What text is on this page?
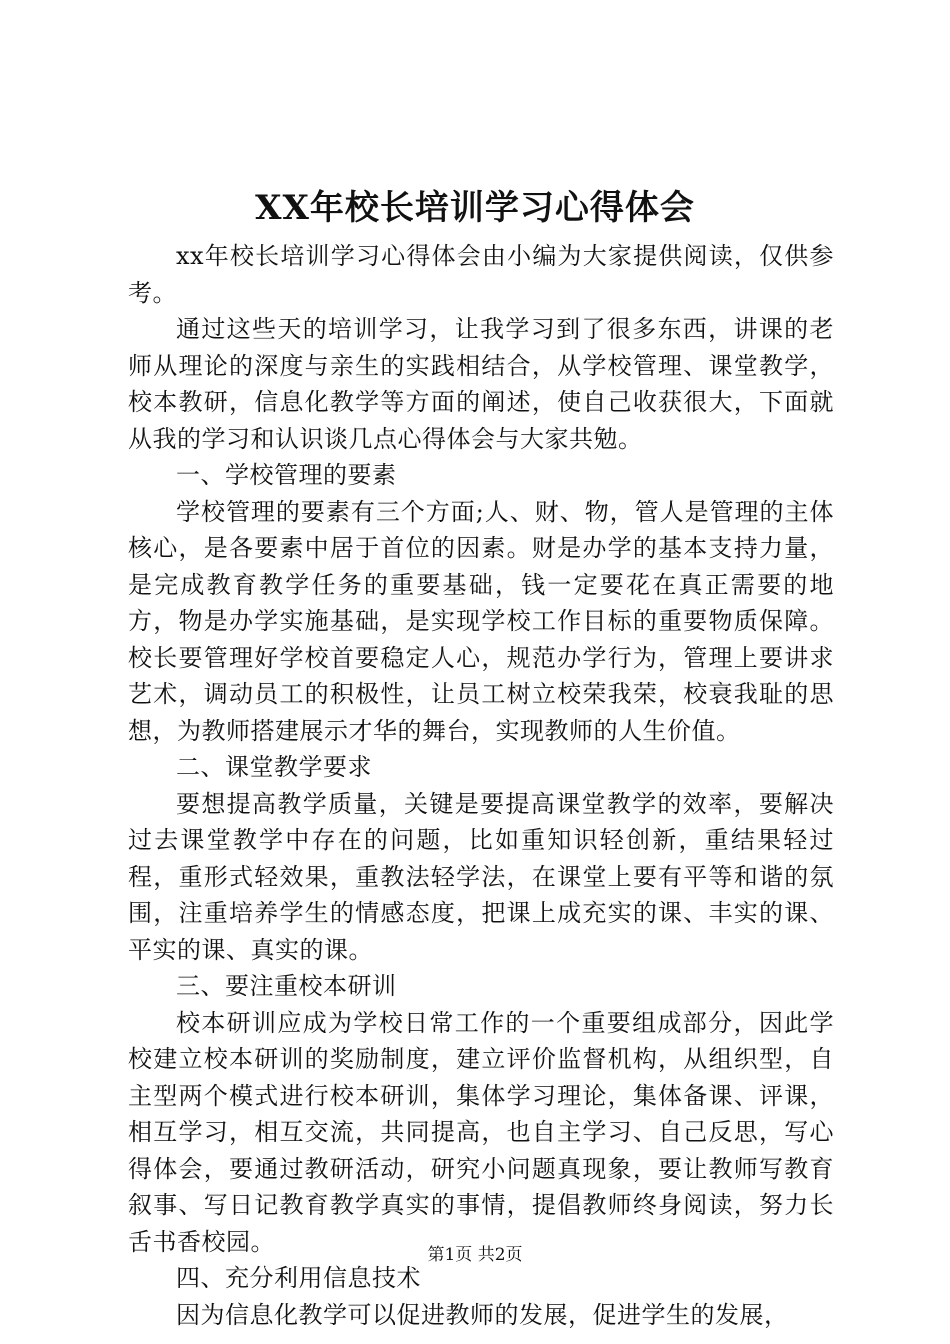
XX年校长培训学习心得体会

xx年校长培训学习心得体会由小编为大家提供阅读，仅供参考。

通过这些天的培训学习，让我学习到了很多东西，讲课的老师从理论的深度与亲生的实践相结合，从学校管理、课堂教学，校本教研，信息化教学等方面的阐述，使自己收获很大，下面就从我的学习和认识谈几点心得体会与大家共勉。

一、学校管理的要素

学校管理的要素有三个方面;人、财、物，管人是管理的主体核心，是各要素中居于首位的因素。财是办学的基本支持力量，是完成教育教学任务的重要基础，钱一定要花在真正需要的地方，物是办学实施基础，是实现学校工作目标的重要物质保障。校长要管理好学校首要稳定人心，规范办学行为，管理上要讲求艺术，调动员工的积极性，让员工树立校荣我荣，校衰我耻的思想，为教师搭建展示才华的舞台，实现教师的人生价值。

二、课堂教学要求

要想提高教学质量，关键是要提高课堂教学的效率，要解决过去课堂教学中存在的问题，比如重知识轻创新，重结果轻过程，重形式轻效果，重教法轻学法，在课堂上要有平等和谐的氛围，注重培养学生的情感态度，把课上成充实的课、丰实的课、平实的课、真实的课。

三、要注重校本研训

校本研训应成为学校日常工作的一个重要组成部分，因此学校建立校本研训的奖励制度，建立评价监督机构，从组织型，自主型两个模式进行校本研训，集体学习理论，集体备课、评课，相互学习，相互交流，共同提高，也自主学习、自己反思，写心得体会，要通过教研活动，研究小问题真现象，要让教师写教育叙事、写日记教育教学真实的事情，提倡教师终身阅读，努力长舌书香校园。

四、充分利用信息技术

因为信息化教学可以促进教师的发展，促进学生的发展，

第1页 共2页
